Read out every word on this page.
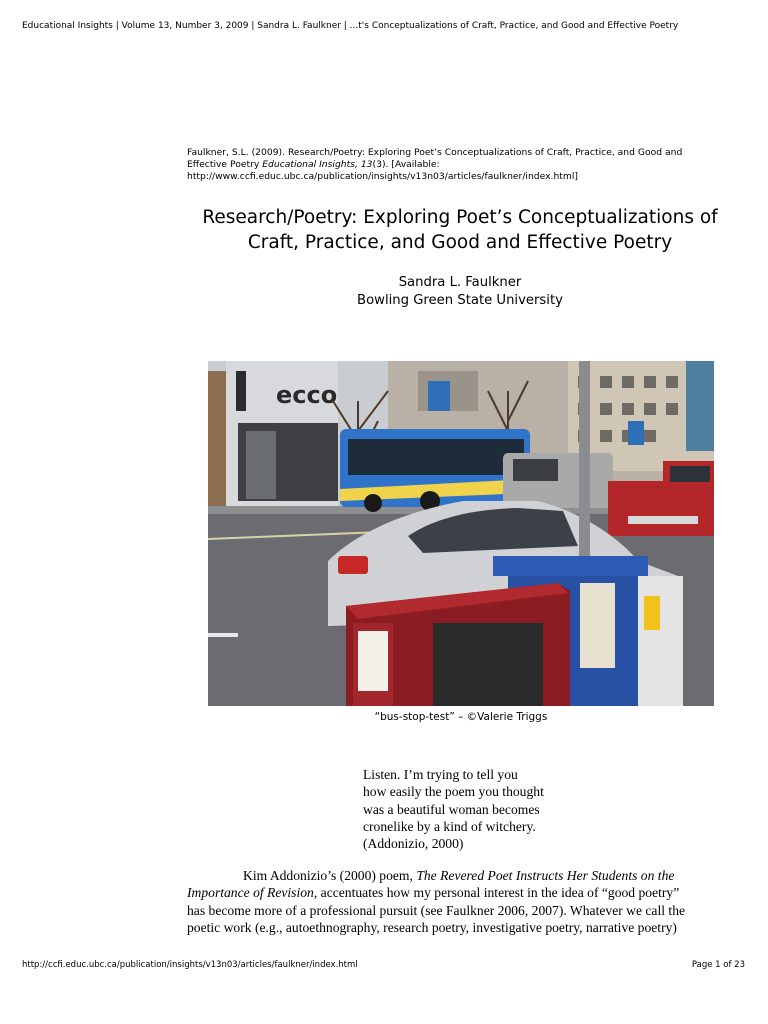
Educational Insights | Volume 13, Number 3, 2009 | Sandra L. Faulkner | ...t's Conceptualizations of Craft, Practice, and Good and Effective Poetry
Faulkner, S.L. (2009). Research/Poetry: Exploring Poet’s Conceptualizations of Craft, Practice, and Good and
Effective Poetry Educational Insights, 13(3). [Available:
http://www.ccfi.educ.ubc.ca/publication/insights/v13n03/articles/faulkner/index.html]
Research/Poetry: Exploring Poet’s Conceptualizations of
Craft, Practice, and Good and Effective Poetry
Sandra L. Faulkner
Bowling Green State University
ecco
“bus-stop-test” – ©Valerie Triggs
Listen. I’m trying to tell you
how easily the poem you thought
was a beautiful woman becomes
cronelike by a kind of witchery.
(Addonizio, 2000)
Kim Addonizio’s (2000) poem, The Revered Poet Instructs Her Students on the
Importance of Revision, accentuates how my personal interest in the idea of “good poetry”
has become more of a professional pursuit (see Faulkner 2006, 2007). Whatever we call the
poetic work (e.g., autoethnography, research poetry, investigative poetry, narrative poetry)
http://ccfi.educ.ubc.ca/publication/insights/v13n03/articles/faulkner/index.html	Page 1 of 23
